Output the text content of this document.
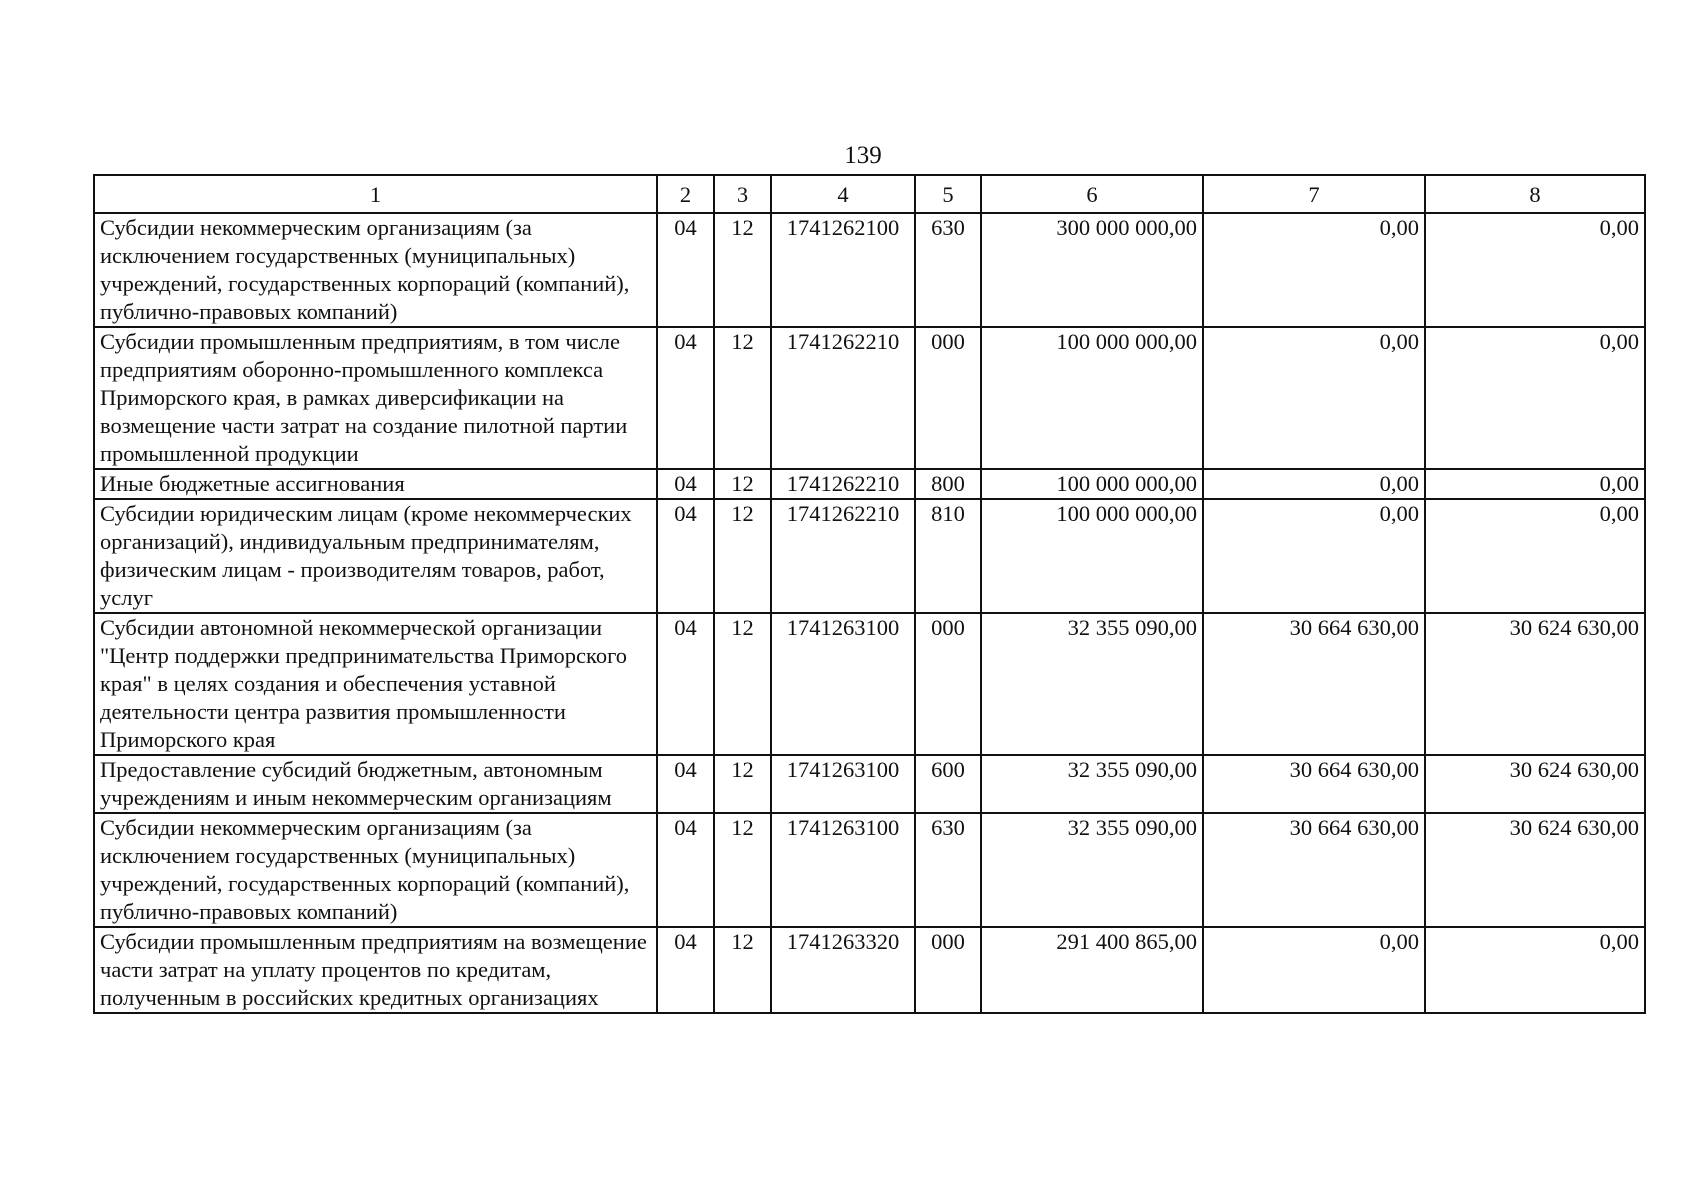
139
1	2	3	4	5	6	7	8
Субсидии некоммерческим организациям (за исключением государственных (муниципальных) учреждений, государственных корпораций (компаний), публично-правовых компаний)	04	12	1741262100	630	300 000 000,00	0,00	0,00
Субсидии промышленным предприятиям, в том числе предприятиям оборонно-промышленного комплекса Приморского края, в рамках диверсификации на возмещение части затрат на создание пилотной партии промышленной продукции	04	12	1741262210	000	100 000 000,00	0,00	0,00
Иные бюджетные ассигнования	04	12	1741262210	800	100 000 000,00	0,00	0,00
Субсидии юридическим лицам (кроме некоммерческих организаций), индивидуальным предпринимателям, физическим лицам - производителям товаров, работ, услуг	04	12	1741262210	810	100 000 000,00	0,00	0,00
Субсидии автономной некоммерческой организации "Центр поддержки предпринимательства Приморского края" в целях создания и обеспечения уставной деятельности центра развития промышленности Приморского края	04	12	1741263100	000	32 355 090,00	30 664 630,00	30 624 630,00
Предоставление субсидий бюджетным, автономным учреждениям и иным некоммерческим организациям	04	12	1741263100	600	32 355 090,00	30 664 630,00	30 624 630,00
Субсидии некоммерческим организациям (за исключением государственных (муниципальных) учреждений, государственных корпораций (компаний), публично-правовых компаний)	04	12	1741263100	630	32 355 090,00	30 664 630,00	30 624 630,00
Субсидии промышленным предприятиям на возмещение части затрат на уплату процентов по кредитам, полученным в российских кредитных организациях	04	12	1741263320	000	291 400 865,00	0,00	0,00
